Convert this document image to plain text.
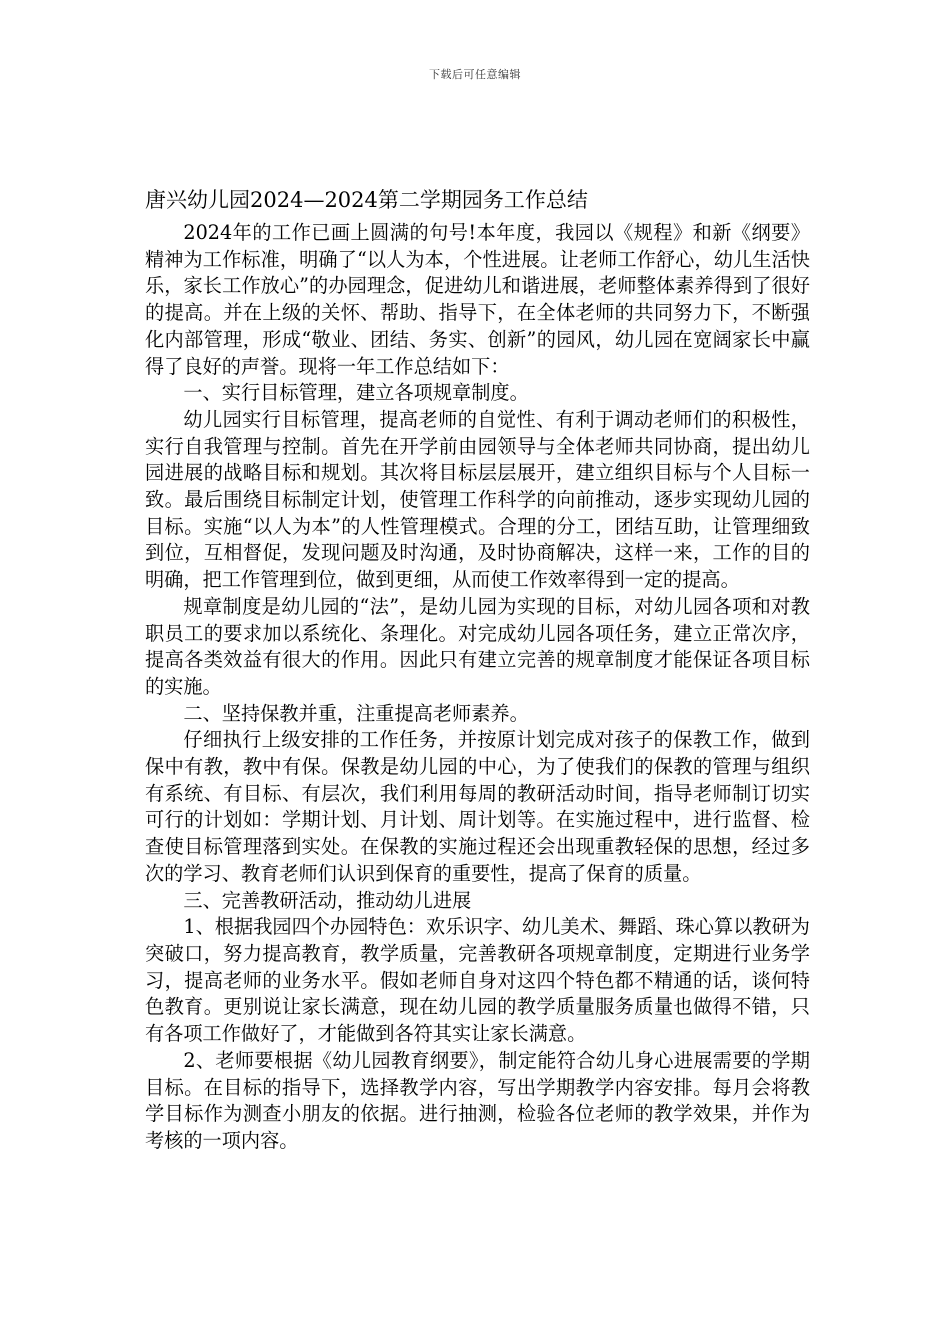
下载后可任意编辑
唐兴幼儿园2024—2024第二学期园务工作总结

2024年的工作已画上圆满的句号!本年度，我园以《规程》和新《纲要》精神为工作标准，明确了“以人为本，个性进展。让老师工作舒心，幼儿生活快乐，家长工作放心”的办园理念，促进幼儿和谐进展，老师整体素养得到了很好的提高。并在上级的关怀、帮助、指导下，在全体老师的共同努力下，不断强化内部管理，形成“敬业、团结、务实、创新”的园风，幼儿园在宽阔家长中赢得了良好的声誉。现将一年工作总结如下：

一、实行目标管理，建立各项规章制度。

幼儿园实行目标管理，提高老师的自觉性、有利于调动老师们的积极性，实行自我管理与控制。首先在开学前由园领导与全体老师共同协商，提出幼儿园进展的战略目标和规划。其次将目标层层展开，建立组织目标与个人目标一致。最后围绕目标制定计划，使管理工作科学的向前推动，逐步实现幼儿园的目标。实施“以人为本”的人性管理模式。合理的分工，团结互助，让管理细致到位，互相督促，发现问题及时沟通，及时协商解决，这样一来，工作的目的明确，把工作管理到位，做到更细，从而使工作效率得到一定的提高。

规章制度是幼儿园的“法”，是幼儿园为实现的目标，对幼儿园各项和对教职员工的要求加以系统化、条理化。对完成幼儿园各项任务，建立正常次序，提高各类效益有很大的作用。因此只有建立完善的规章制度才能保证各项目标的实施。

二、坚持保教并重，注重提高老师素养。

仔细执行上级安排的工作任务，并按原计划完成对孩子的保教工作，做到保中有教，教中有保。保教是幼儿园的中心，为了使我们的保教的管理与组织有系统、有目标、有层次，我们利用每周的教研活动时间，指导老师制订切实可行的计划如：学期计划、月计划、周计划等。在实施过程中，进行监督、检查使目标管理落到实处。在保教的实施过程还会出现重教轻保的思想，经过多次的学习、教育老师们认识到保育的重要性，提高了保育的质量。

三、完善教研活动，推动幼儿进展

1、根据我园四个办园特色：欢乐识字、幼儿美术、舞蹈、珠心算以教研为突破口，努力提高教育，教学质量，完善教研各项规章制度，定期进行业务学习，提高老师的业务水平。假如老师自身对这四个特色都不精通的话，谈何特色教育。更别说让家长满意，现在幼儿园的教学质量服务质量也做得不错，只有各项工作做好了，才能做到各符其实让家长满意。

2、老师要根据《幼儿园教育纲要》，制定能符合幼儿身心进展需要的学期目标。在目标的指导下，选择教学内容，写出学期教学内容安排。每月会将教学目标作为测查小朋友的依据。进行抽测，检验各位老师的教学效果，并作为考核的一项内容。
